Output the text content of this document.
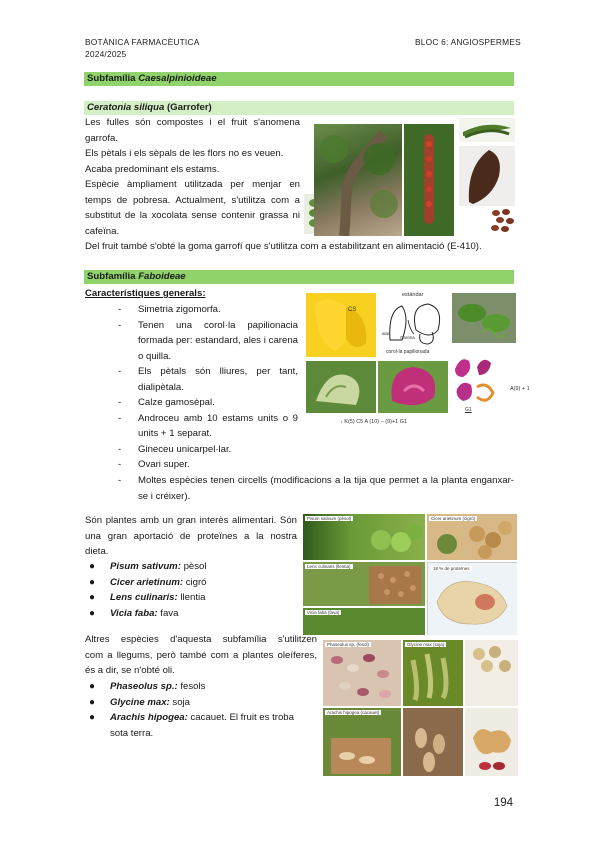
BOTÀNICA FARMACÈUTICA
2024/2025
BLOC 6: ANGIOSPERMES
Subfamília Caesalpinioideae
Ceratonia siliqua (Garrofer)
Les fulles són compostes i el fruit s'anomena
garrofa.
Els pètals i els sèpals de les flors no es veuen.
Acaba predominant els estams.
Espècie àmpliament utilitzada per menjar en
temps de pobresa. Actualment, s'utilitza com a
substitut de la xocolata sense contenir grassa ni
cafeïna.
Del fruit també s'obté la goma garrofí que s'utilitza com a estabilitzant en alimentació (E-410).
Subfamília Faboideae
Característiques generals:
- Simetria zigomorfa.
- Tenen una corol·la papilionacia formada per: estandard, ales i carena o quilla.
- Els pètals són lliures, per tant, dialipètala.
- Calze gamosèpal.
- Androceu amb 10 estams units o 9 units + 1 separat.
- Gineceu unicarpel·lar.
- Ovari super.
- Moltes espècies tenen circells (modificacions a la tija que permet a la planta enganxar-se i créixer).
CS
estándar
alas
Carena
corol·la papilionada
G1
A(9) + 1
↓ K(5) C5 A (10) – (9)+1 G1
Són plantes amb un gran interès alimentari. Són
una gran aportació de proteïnes a la nostra
dieta.
● Pisum sativum: pèsol
● Cicer arietinum: cigró
● Lens culinaris: llentia
● Vicia faba: fava
Pisum sativum (pèsol)	Cicer arietinum (cigró)
Lens culinaris (llentia)
Vicia faba (fava)
18 % de proteïnes
Altres espècies d'aquesta subfamília s'utilitzen
com a llegums, però també com a plantes oleíferes,
és a dir, se n'obté oli.
● Phaseolus sp.: fesols
● Glycine max: soja
● Arachis hipogea: cacauet. El fruit es troba
sota terra.
Phaseolus sp. (fesol)	Glycine max (soja)
Arachis hipogea (cacauet)
194
